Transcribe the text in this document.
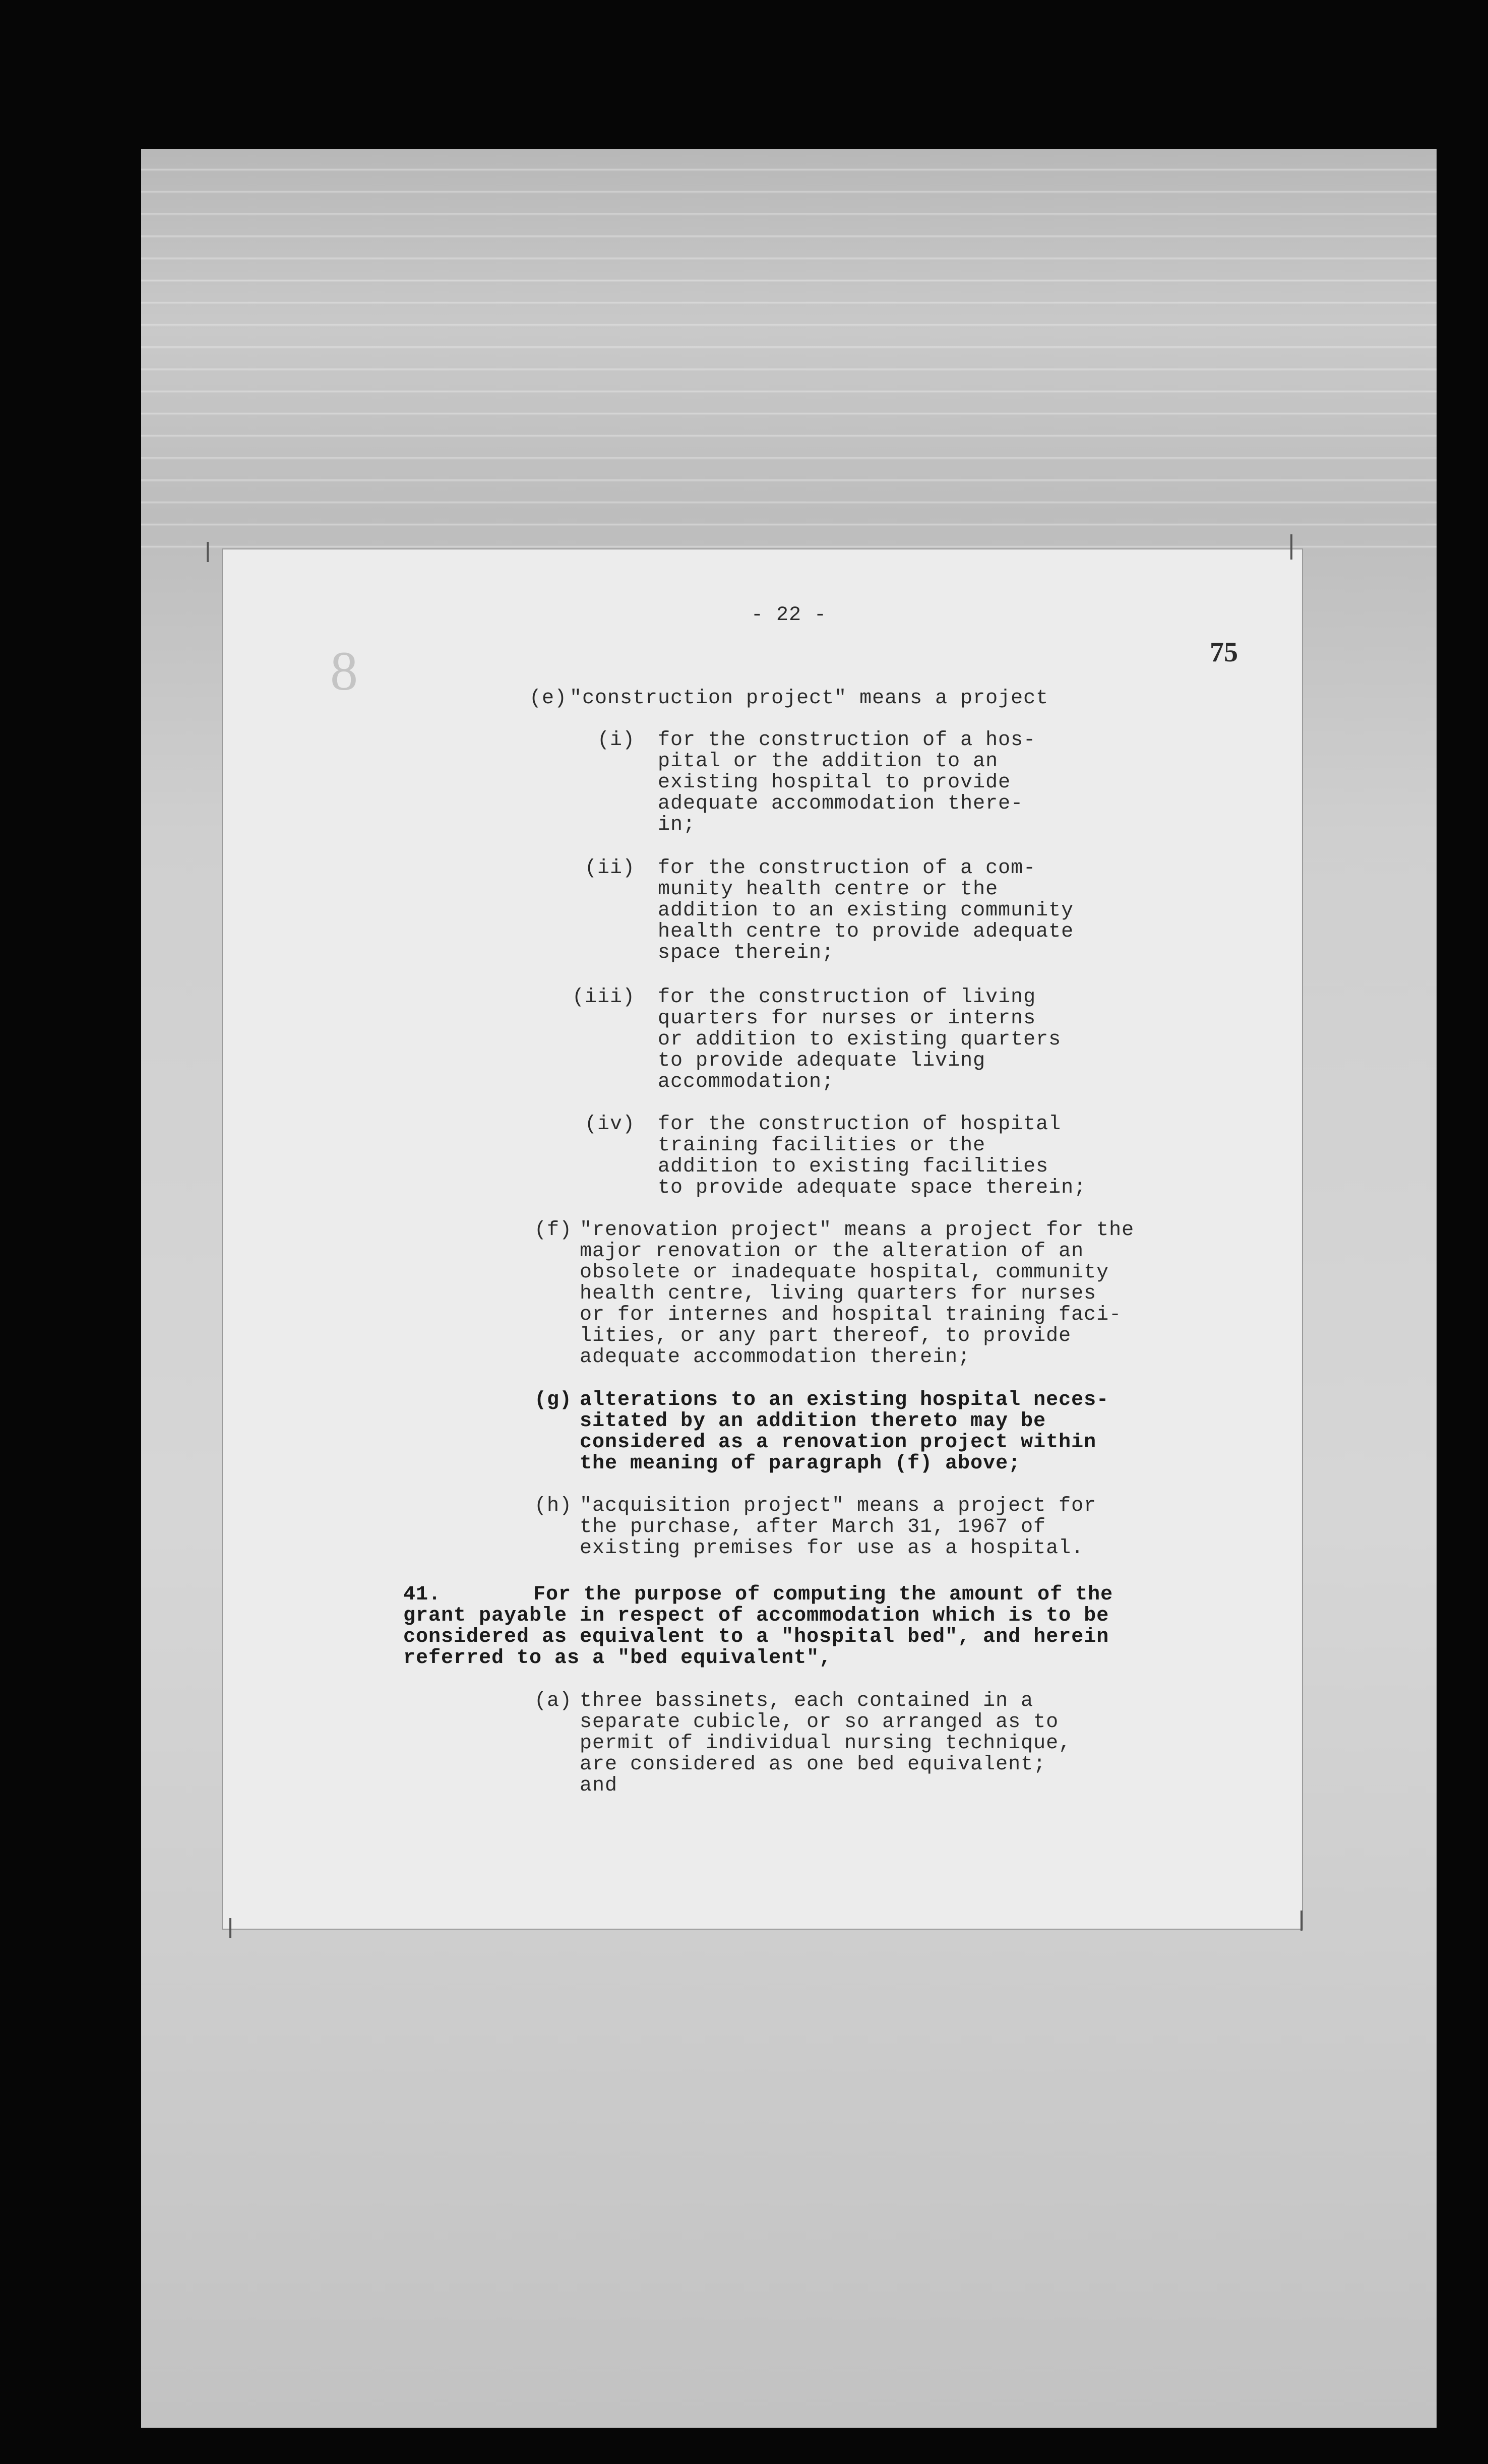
- 22 -
75
8	(e) "construction project" means a project
(i) for the construction of a hos-
pital or the addition to an
existing hospital to provide
adequate accommodation there-
in;
(ii) for the construction of a com-
munity health centre or the
addition to an existing community
health centre to provide adequate
space therein;
(iii) for the construction of living
quarters for nurses or interns
or addition to existing quarters
to provide adequate living
accommodation;
(iv) for the construction of hospital
training facilities or the
addition to existing facilities
to provide adequate space therein;
(f) "renovation project" means a project for the
major renovation or the alteration of an
obsolete or inadequate hospital, community
health centre, living quarters for nurses
or for internes and hospital training faci-
lities, or any part thereof, to provide
adequate accommodation therein;
(g) alterations to an existing hospital neces-
sitated by an addition thereto may be
considered as a renovation project within
the meaning of paragraph (f) above;
(h) "acquisition project" means a project for
the purchase, after March 31, 1967 of
existing premises for use as a hospital.
41.	For the purpose of computing the amount of the
grant payable in respect of accommodation which is to be
considered as equivalent to a "hospital bed", and herein
referred to as a "bed equivalent",
(a) three bassinets, each contained in a
separate cubicle, or so arranged as to
permit of individual nursing technique,
are considered as one bed equivalent;
and
